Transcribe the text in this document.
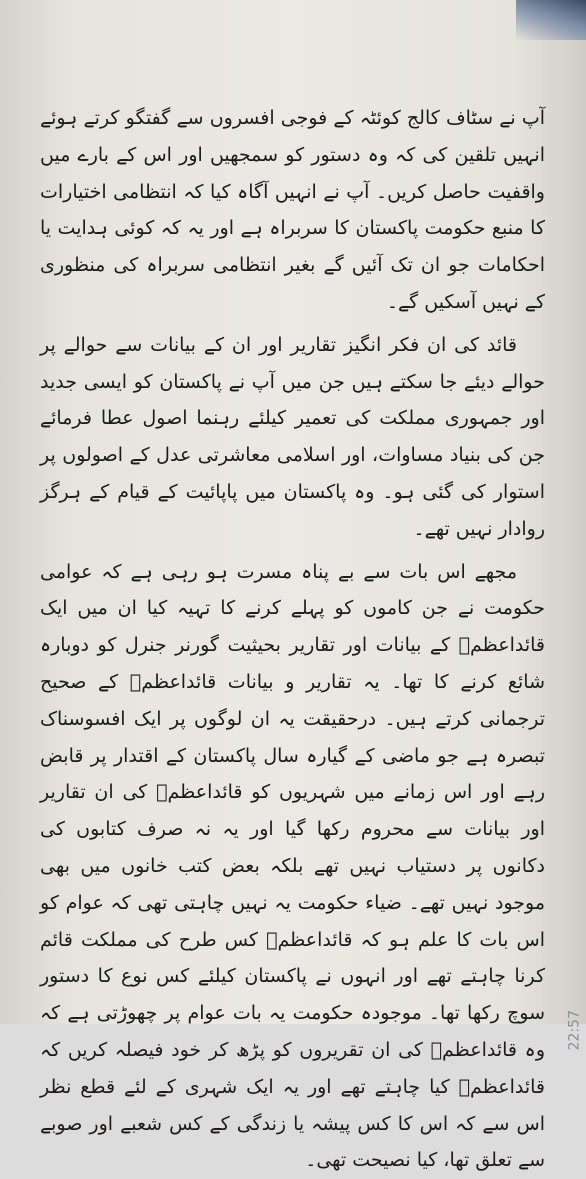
آپ نے سٹاف کالج کوئٹہ کے فوجی افسروں سے گفتگو کرتے ہوئے انہیں تلقین کی کہ وہ دستور کو سمجھیں اور اس کے بارے میں واقفیت حاصل کریں۔ آپ نے انہیں آگاہ کیا کہ انتظامی اختیارات کا منبع حکومت پاکستان کا سربراہ ہے اور یہ کہ کوئی ہدایت یا احکامات جو ان تک آئیں گے بغیر انتظامی سربراہ کی منظوری کے نہیں آسکیں گے۔

قائد کی ان فکر انگیز تقاریر اور ان کے بیانات سے حوالے پر حوالے دیئے جا سکتے ہیں جن میں آپ نے پاکستان کو ایسی جدید اور جمہوری مملکت کی تعمیر کیلئے رہنما اصول عطا فرمائے جن کی بنیاد مساوات، اور اسلامی معاشرتی عدل کے اصولوں پر استوار کی گئی ہو۔ وہ پاکستان میں پاپائیت کے قیام کے ہرگز روادار نہیں تھے۔

مجھے اس بات سے بے پناہ مسرت ہو رہی ہے کہ عوامی حکومت نے جن کاموں کو پہلے کرنے کا تہیہ کیا ان میں ایک قائداعظمؒ کے بیانات اور تقاریر بحیثیت گورنر جنرل کو دوبارہ شائع کرنے کا تھا۔ یہ تقاریر و بیانات قائداعظمؒ کے صحیح ترجمانی کرتے ہیں۔ درحقیقت یہ ان لوگوں پر ایک افسوسناک تبصرہ ہے جو ماضی کے گیارہ سال پاکستان کے اقتدار پر قابض رہے اور اس زمانے میں شہریوں کو قائداعظمؒ کی ان تقاریر اور بیانات سے محروم رکھا گیا اور یہ نہ صرف کتابوں کی دکانوں پر دستیاب نہیں تھے بلکہ بعض کتب خانوں میں بھی موجود نہیں تھے۔ ضیاء حکومت یہ نہیں چاہتی تھی کہ عوام کو اس بات کا علم ہو کہ قائداعظمؒ کس طرح کی مملکت قائم کرنا چاہتے تھے اور انہوں نے پاکستان کیلئے کس نوع کا دستور سوچ رکھا تھا۔ موجودہ حکومت یہ بات عوام پر چھوڑتی ہے کہ وہ قائداعظمؒ کی ان تقریروں کو پڑھ کر خود فیصلہ کریں کہ قائداعظمؒ کیا چاہتے تھے اور یہ ایک شہری کے لئے قطع نظر اس سے کہ اس کا کس پیشہ یا زندگی کے کس شعبے اور صوبے سے تعلق تھا، کیا نصیحت تھی۔

22:57
